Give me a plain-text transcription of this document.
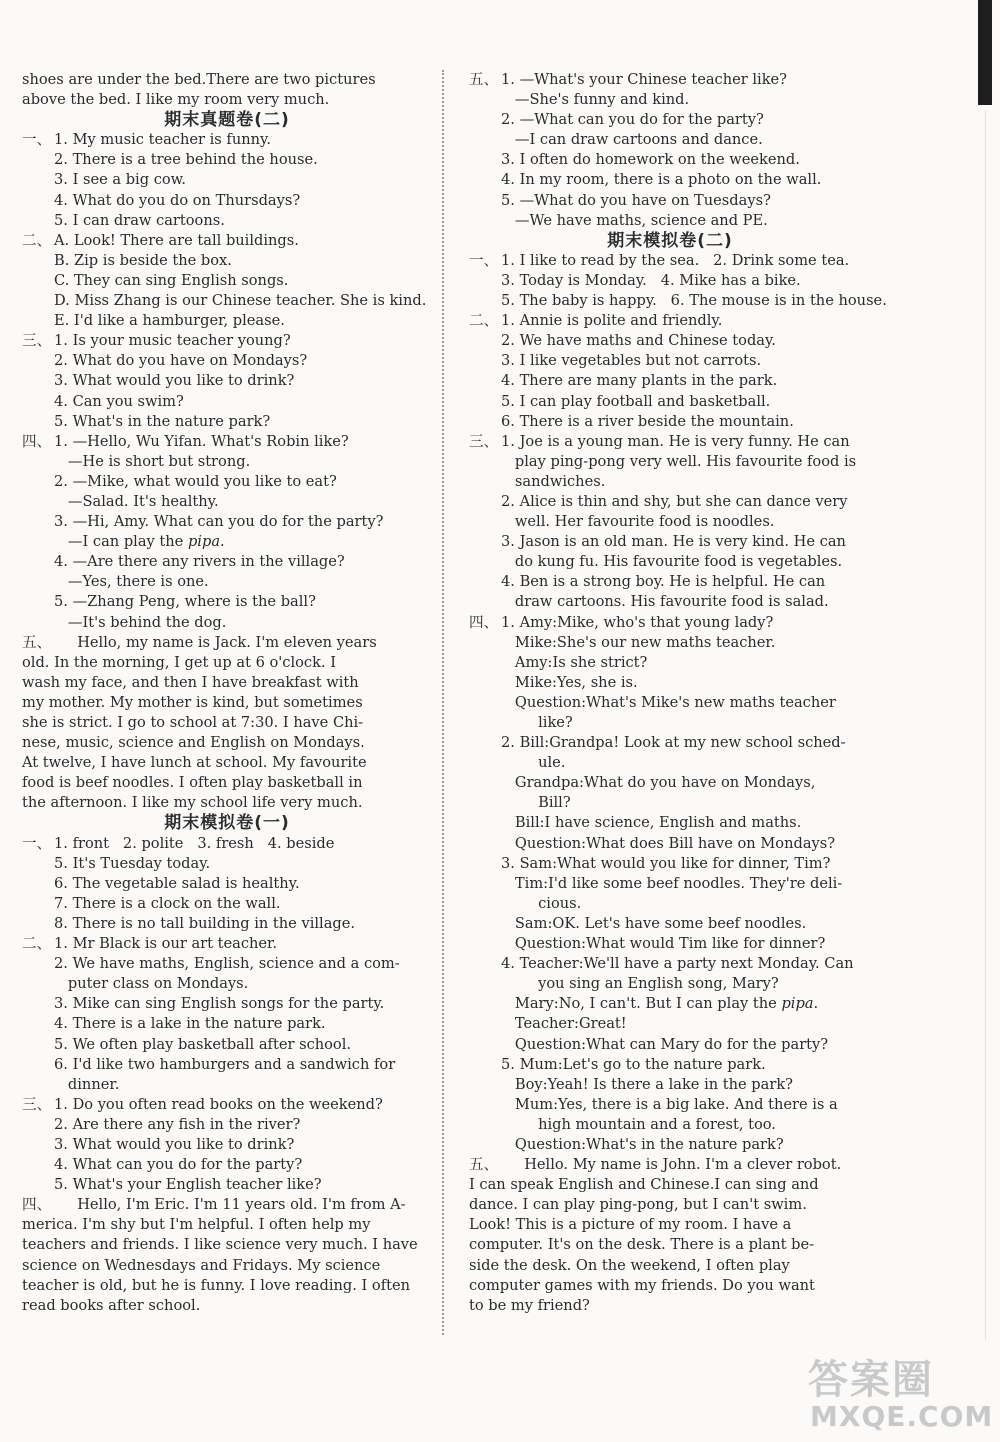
shoes are under the bed.There are two pictures
above the bed. I like my room very much.
期末真题卷(二)
一、 1. My music teacher is funny.
2. There is a tree behind the house.
3. I see a big cow.
4. What do you do on Thursdays?
5. I can draw cartoons.
二、 A. Look! There are tall buildings.
B. Zip is beside the box.
C. They can sing English songs.
D. Miss Zhang is our Chinese teacher. She is kind.
E. I'd like a hamburger, please.
三、 1. Is your music teacher young?
2. What do you have on Mondays?
3. What would you like to drink?
4. Can you swim?
5. What's in the nature park?
四、 1. —Hello, Wu Yifan. What's Robin like?
—He is short but strong.
2. —Mike, what would you like to eat?
—Salad. It's healthy.
3. —Hi, Amy. What can you do for the party?
—I can play the pipa.
4. —Are there any rivers in the village?
—Yes, there is one.
5. —Zhang Peng, where is the ball?
—It's behind the dog.
五、 Hello, my name is Jack. I'm eleven years
old. In the morning, I get up at 6 o'clock. I
wash my face, and then I have breakfast with
my mother. My mother is kind, but sometimes
she is strict. I go to school at 7:30. I have Chi-
nese, music, science and English on Mondays.
At twelve, I have lunch at school. My favourite
food is beef noodles. I often play basketball in
the afternoon. I like my school life very much.
期末模拟卷(一)
一、 1. front   2. polite   3. fresh   4. beside
5. It's Tuesday today.
6. The vegetable salad is healthy.
7. There is a clock on the wall.
8. There is no tall building in the village.
二、 1. Mr Black is our art teacher.
2. We have maths, English, science and a com-
puter class on Mondays.
3. Mike can sing English songs for the party.
4. There is a lake in the nature park.
5. We often play basketball after school.
6. I'd like two hamburgers and a sandwich for
dinner.
三、 1. Do you often read books on the weekend?
2. Are there any fish in the river?
3. What would you like to drink?
4. What can you do for the party?
5. What's your English teacher like?
四、 Hello, I'm Eric. I'm 11 years old. I'm from A-
merica. I'm shy but I'm helpful. I often help my
teachers and friends. I like science very much. I have
science on Wednesdays and Fridays. My science
teacher is old, but he is funny. I love reading. I often
read books after school.
五、 1. —What's your Chinese teacher like?
—She's funny and kind.
2. —What can you do for the party?
—I can draw cartoons and dance.
3. I often do homework on the weekend.
4. In my room, there is a photo on the wall.
5. —What do you have on Tuesdays?
—We have maths, science and PE.
期末模拟卷(二)
一、 1. I like to read by the sea.   2. Drink some tea.
3. Today is Monday.   4. Mike has a bike.
5. The baby is happy.   6. The mouse is in the house.
二、 1. Annie is polite and friendly.
2. We have maths and Chinese today.
3. I like vegetables but not carrots.
4. There are many plants in the park.
5. I can play football and basketball.
6. There is a river beside the mountain.
三、 1. Joe is a young man. He is very funny. He can
play ping-pong very well. His favourite food is
sandwiches.
2. Alice is thin and shy, but she can dance very
well. Her favourite food is noodles.
3. Jason is an old man. He is very kind. He can
do kung fu. His favourite food is vegetables.
4. Ben is a strong boy. He is helpful. He can
draw cartoons. His favourite food is salad.
四、 1. Amy:Mike, who's that young lady?
Mike:She's our new maths teacher.
Amy:Is she strict?
Mike:Yes, she is.
Question:What's Mike's new maths teacher
like?
2. Bill:Grandpa! Look at my new school sched-
ule.
Grandpa:What do you have on Mondays,
Bill?
Bill:I have science, English and maths.
Question:What does Bill have on Mondays?
3. Sam:What would you like for dinner, Tim?
Tim:I'd like some beef noodles. They're deli-
cious.
Sam:OK. Let's have some beef noodles.
Question:What would Tim like for dinner?
4. Teacher:We'll have a party next Monday. Can
you sing an English song, Mary?
Mary:No, I can't. But I can play the pipa.
Teacher:Great!
Question:What can Mary do for the party?
5. Mum:Let's go to the nature park.
Boy:Yeah! Is there a lake in the park?
Mum:Yes, there is a big lake. And there is a
high mountain and a forest, too.
Question:What's in the nature park?
五、 Hello. My name is John. I'm a clever robot.
I can speak English and Chinese.I can sing and
dance. I can play ping-pong, but I can't swim.
Look! This is a picture of my room. I have a
computer. It's on the desk. There is a plant be-
side the desk. On the weekend, I often play
computer games with my friends. Do you want
to be my friend?
答案圈
MXQE.COM
